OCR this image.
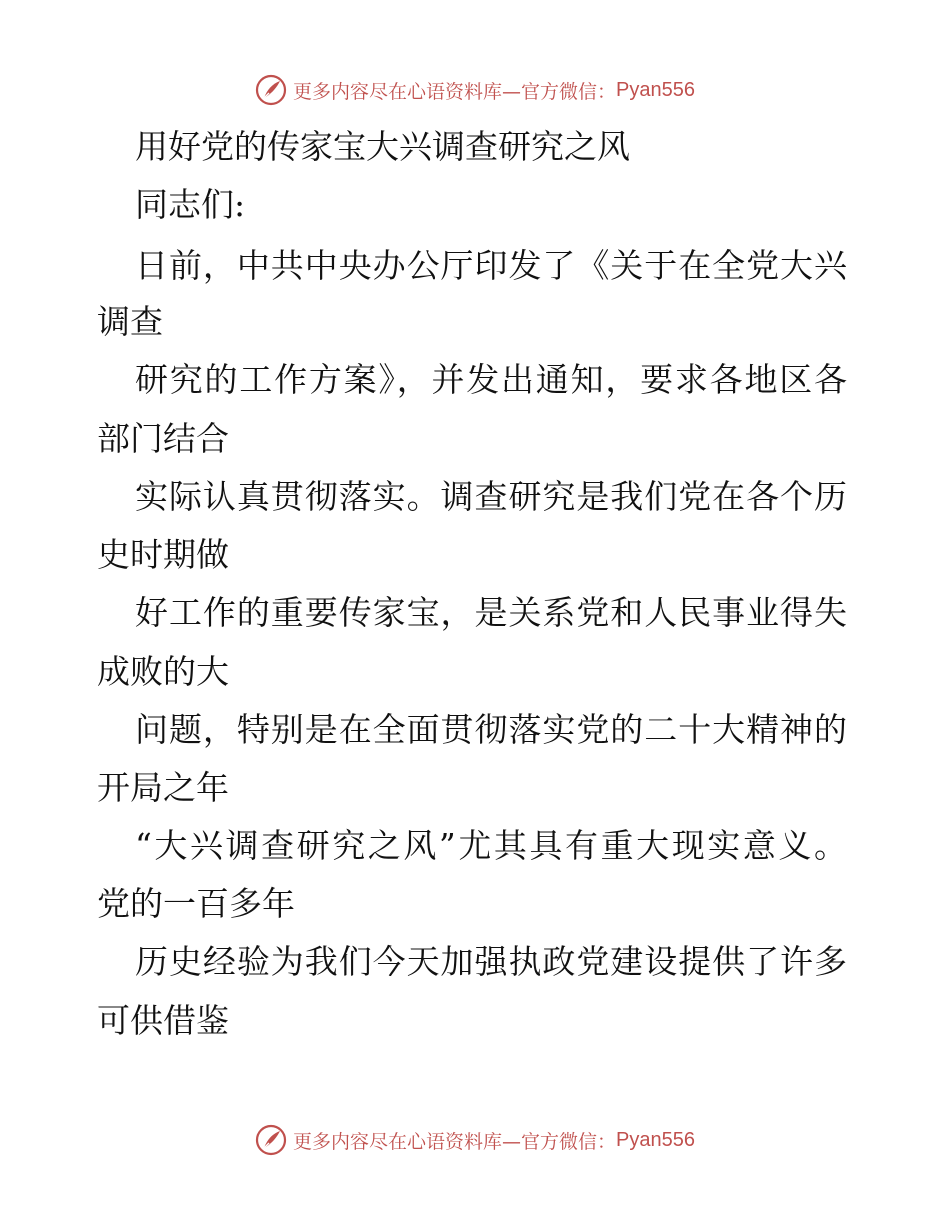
更多内容尽在心语资料库—官方微信： Pyan556
用好党的传家宝大兴调查研究之风
同志们:
日前，中共中央办公厅印发了《关于在全党大兴
调查
研究的工作方案》，并发出通知，要求各地区各
部门结合
实际认真贯彻落实。调查研究是我们党在各个历
史时期做
好工作的重要传家宝，是关系党和人民事业得失
成败的大
问题，特别是在全面贯彻落实党的二十大精神的
开局之年
“大兴调查研究之风”尤其具有重大现实意义。
党的一百多年
历史经验为我们今天加强执政党建设提供了许多
可供借鉴
更多内容尽在心语资料库—官方微信： Pyan556
